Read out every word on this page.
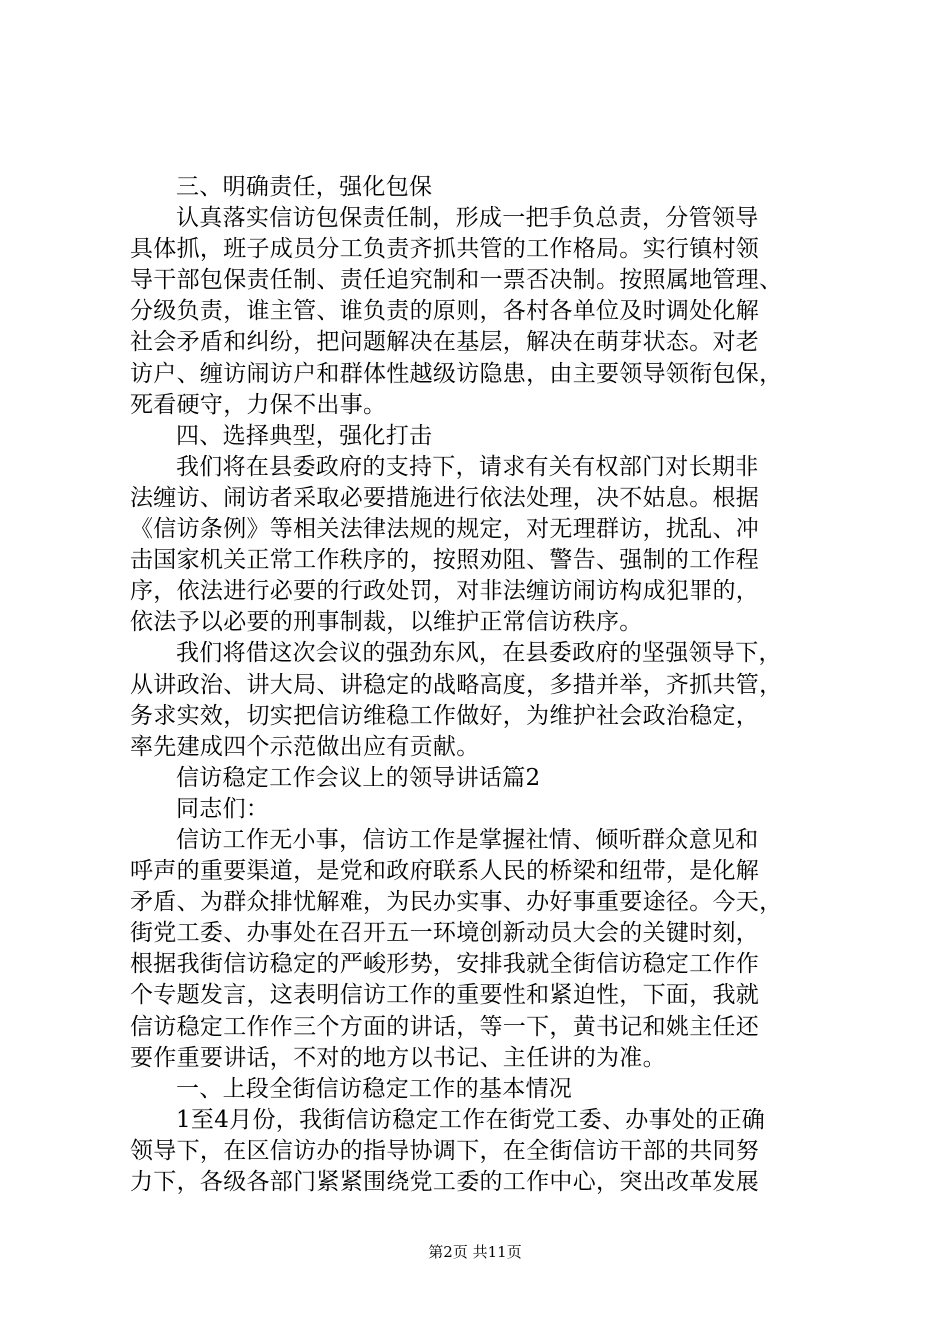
三、明确责任，强化包保
认真落实信访包保责任制，形成一把手负总责，分管领导
具体抓，班子成员分工负责齐抓共管的工作格局。实行镇村领
导干部包保责任制、责任追究制和一票否决制。按照属地管理、
分级负责，谁主管、谁负责的原则，各村各单位及时调处化解
社会矛盾和纠纷，把问题解决在基层，解决在萌芽状态。对老
访户、缠访闹访户和群体性越级访隐患，由主要领导领衔包保，
死看硬守，力保不出事。
四、选择典型，强化打击
我们将在县委政府的支持下，请求有关有权部门对长期非
法缠访、闹访者采取必要措施进行依法处理，决不姑息。根据
《信访条例》等相关法律法规的规定，对无理群访，扰乱、冲
击国家机关正常工作秩序的，按照劝阻、警告、强制的工作程
序，依法进行必要的行政处罚，对非法缠访闹访构成犯罪的，
依法予以必要的刑事制裁，以维护正常信访秩序。
我们将借这次会议的强劲东风，在县委政府的坚强领导下，
从讲政治、讲大局、讲稳定的战略高度，多措并举，齐抓共管，
务求实效，切实把信访维稳工作做好，为维护社会政治稳定，
率先建成四个示范做出应有贡献。
信访稳定工作会议上的领导讲话篇2
同志们：
信访工作无小事，信访工作是掌握社情、倾听群众意见和
呼声的重要渠道，是党和政府联系人民的桥梁和纽带，是化解
矛盾、为群众排忧解难，为民办实事、办好事重要途径。今天，
街党工委、办事处在召开五一环境创新动员大会的关键时刻，
根据我街信访稳定的严峻形势，安排我就全街信访稳定工作作
个专题发言，这表明信访工作的重要性和紧迫性，下面，我就
信访稳定工作作三个方面的讲话，等一下，黄书记和姚主任还
要作重要讲话，不对的地方以书记、主任讲的为准。
一、上段全街信访稳定工作的基本情况
1至4月份，我街信访稳定工作在街党工委、办事处的正确
领导下，在区信访办的指导协调下，在全街信访干部的共同努
力下，各级各部门紧紧围绕党工委的工作中心，突出改革发展
第2页 共11页
